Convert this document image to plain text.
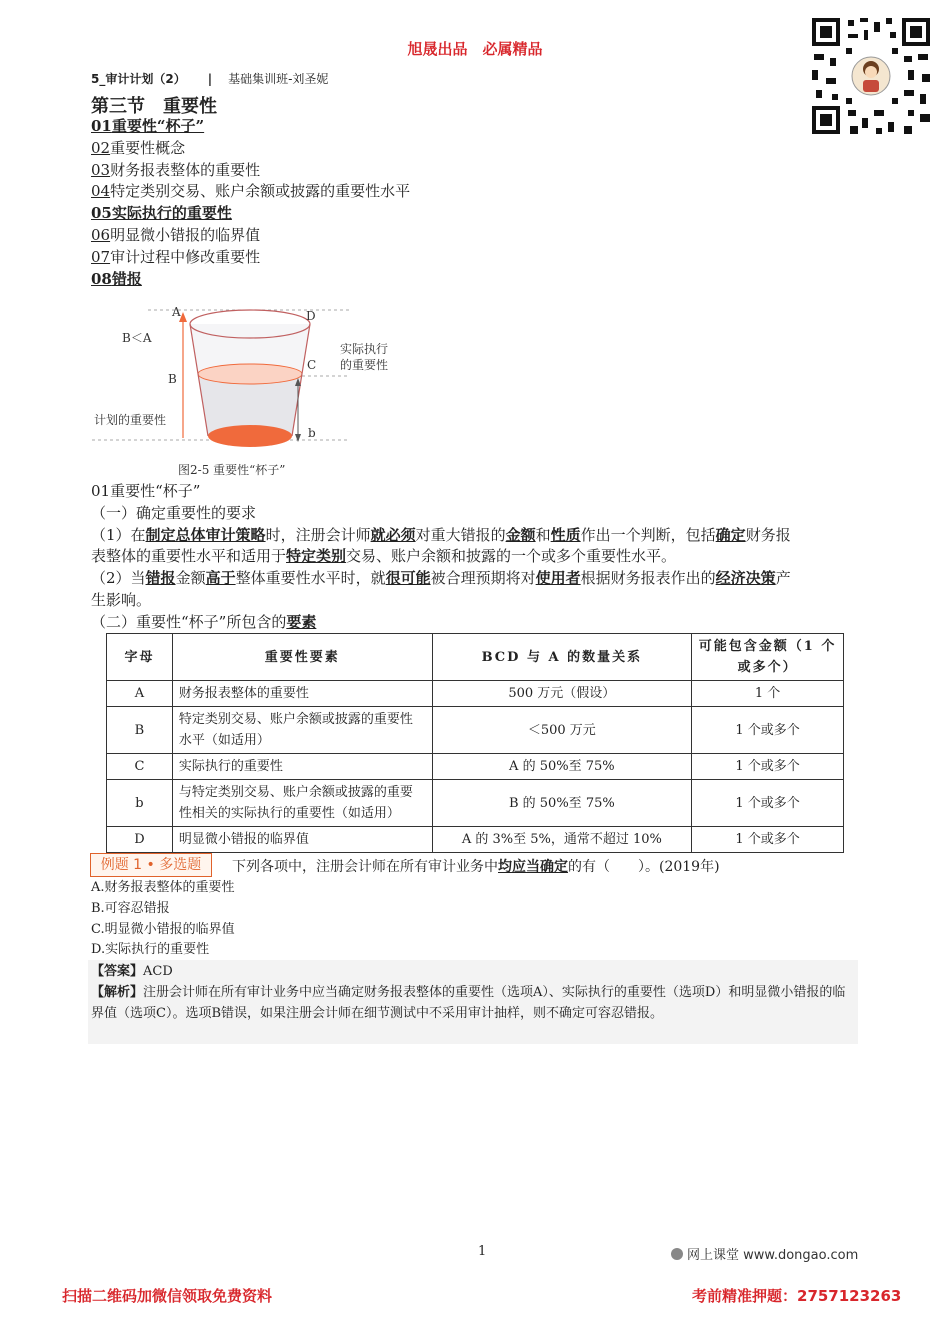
旭晟出品　必属精品
5_审计计划（2） | 基础集训班-刘圣妮
第三节　重要性
01重要性“杯子”
02重要性概念
03财务报表整体的重要性
04特定类别交易、账户余额或披露的重要性水平
05实际执行的重要性
06明显微小错报的临界值
07审计过程中修改重要性
08错报
A	D
B＜A
B
C
实际执行
的重要性
计划的重要性
b
图2-5 重要性“杯子”
01重要性“杯子”
（一）确定重要性的要求
（1）在制定总体审计策略时，注册会计师就必须对重大错报的金额和性质作出一个判断，包括确定财务报
表整体的重要性水平和适用于特定类别交易、账户余额和披露的一个或多个重要性水平。
（2）当错报金额高于整体重要性水平时，就很可能被合理预期将对使用者根据财务报表作出的经济决策产
生影响。
（二）重要性“杯子”所包含的要素
字母	重要性要素	BCD 与 A 的数量关系	可能包含金额（1 个或多个）
A	财务报表整体的重要性	500 万元（假设）	1 个
B	特定类别交易、账户余额或披露的重要性水平（如适用）	＜500 万元	1 个或多个
C	实际执行的重要性	A 的 50%至 75%	1 个或多个
b	与特定类别交易、账户余额或披露的重要性相关的实际执行的重要性（如适用）	B 的 50%至 75%	1 个或多个
D	明显微小错报的临界值	A 的 3%至 5%，通常不超过 10%	1 个或多个
例题 1 • 多选题	下列各项中，注册会计师在所有审计业务中均应当确定的有（　　）。(2019年)
A.财务报表整体的重要性
B.可容忍错报
C.明显微小错报的临界值
D.实际执行的重要性
【答案】ACD
【解析】注册会计师在所有审计业务中应当确定财务报表整体的重要性（选项A）、实际执行的重要性（选项D）和明显微小错报的临界值（选项C）。选项B错误，如果注册会计师在细节测试中不采用审计抽样，则不确定可容忍错报。
1	网上课堂 www.dongao.com
扫描二维码加微信领取免费资料	考前精准押题：2757123263
